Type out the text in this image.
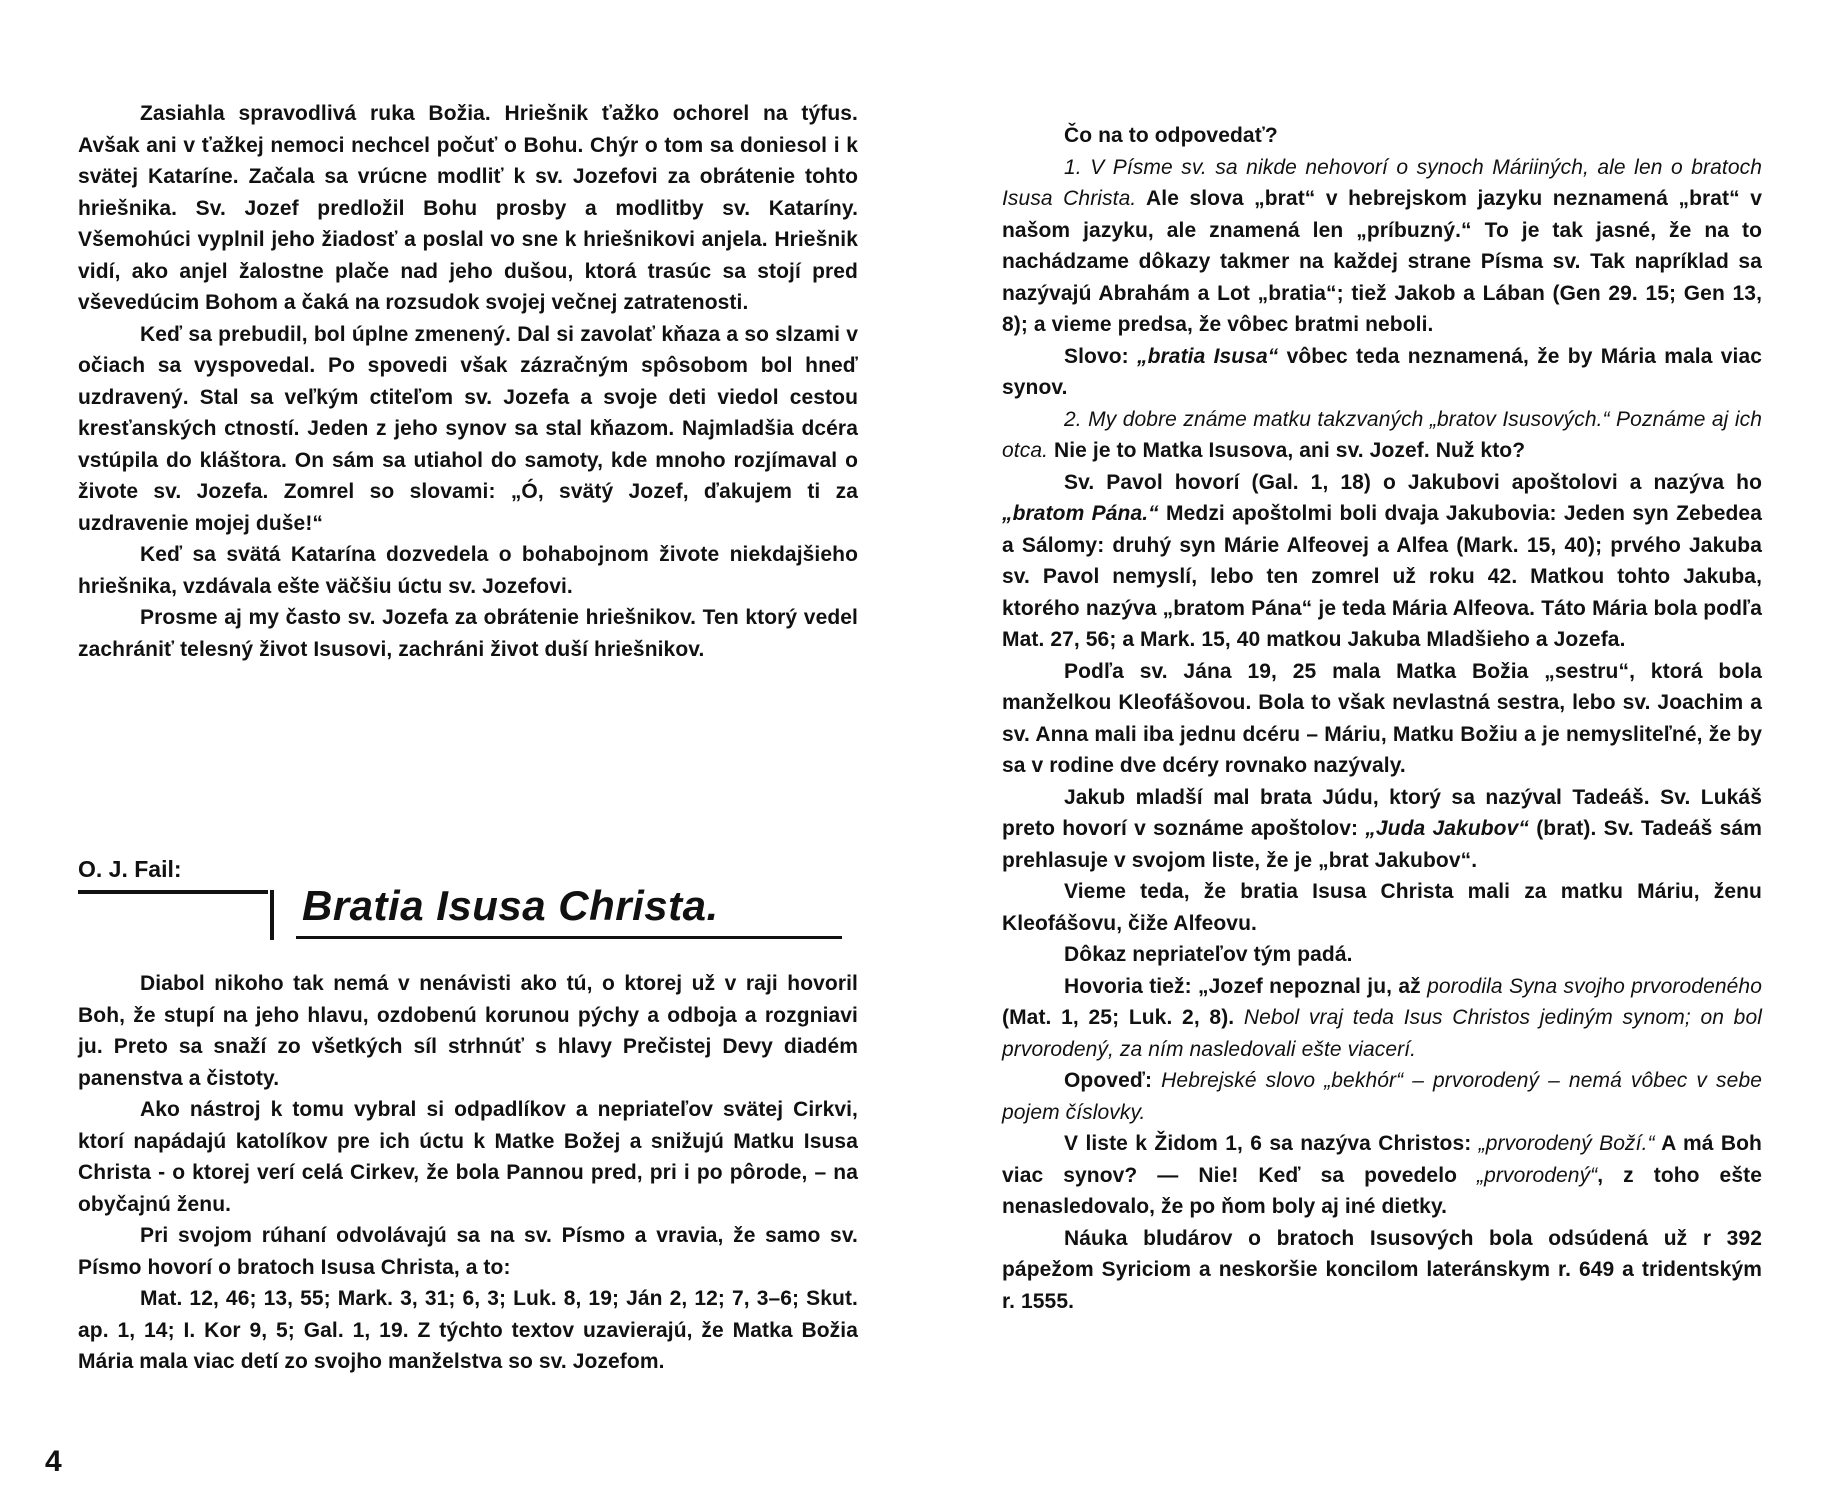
Zasiahla spravodlivá ruka Božia. Hriešnik ťažko ochorel na týfus. Avšak ani v ťažkej nemoci nechcel počuť o Bohu. Chýr o tom sa doniesol i k svätej Kataríne. Začala sa vrúcne modliť k sv. Jozefovi za obrátenie tohto hriešnika. Sv. Jozef predložil Bohu prosby a modlitby sv. Kataríny. Všemohúci vyplnil jeho žiadosť a poslal vo sne k hriešnikovi anjela. Hriešnik vidí, ako anjel žalostne plače nad jeho dušou, ktorá trasúc sa stojí pred vševedúcim Bohom a čaká na rozsudok svojej večnej zatratenosti.

Keď sa prebudil, bol úplne zmenený. Dal si zavolať kňaza a so slzami v očiach sa vyspovedal. Po spovedi však zázračným spôsobom bol hneď uzdravený. Stal sa veľkým ctiteľom sv. Jozefa a svoje deti viedol cestou kresťanských ctností. Jeden z jeho synov sa stal kňazom. Najmladšia dcéra vstúpila do kláštora. On sám sa utiahol do samoty, kde mnoho rozjímaval o živote sv. Jozefa. Zomrel so slovami: „Ó, svätý Jozef, ďakujem ti za uzdravenie mojej duše!“

Keď sa svätá Katarína dozvedela o bohabojnom živote niekdajšieho hriešnika, vzdávala ešte väčšiu úctu sv. Jozefovi.

Prosme aj my často sv. Jozefa za obrátenie hriešnikov. Ten ktorý vedel zachrániť telesný život Isusovi, zachráni život duší hriešnikov.

O. J. Fail:
Bratia Isusa Christa.

Diabol nikoho tak nemá v nenávisti ako tú, o ktorej už v raji hovoril Boh, že stupí na jeho hlavu, ozdobenú korunou pýchy a odboja a rozgniavi ju. Preto sa snaží zo všetkých síl strhnúť s hlavy Prečistej Devy diadém panenstva a čistoty.

Ako nástroj k tomu vybral si odpadlíkov a nepriateľov svätej Cirkvi, ktorí napádajú katolíkov pre ich úctu k Matke Božej a snižujú Matku Isusa Christa - o ktorej verí celá Cirkev, že bola Pannou pred, pri i po pôrode, – na obyčajnú ženu.

Pri svojom rúhaní odvolávajú sa na sv. Písmo a vravia, že samo sv. Písmo hovorí o bratoch Isusa Christa, a to:

Mat. 12, 46; 13, 55; Mark. 3, 31; 6, 3; Luk. 8, 19; Ján 2, 12; 7, 3–6; Skut. ap. 1, 14; I. Kor 9, 5; Gal. 1, 19. Z týchto textov uzavierajú, že Matka Božia Mária mala viac detí zo svojho manželstva so sv. Jozefom.

4

Čo na to odpovedať?

1. V Písme sv. sa nikde nehovorí o synoch Máriiných, ale len o bratoch Isusa Christa. Ale slova „brat“ v hebrejskom jazyku neznamená „brat“ v našom jazyku, ale znamená len „príbuzný.“ To je tak jasné, že na to nachádzame dôkazy takmer na každej strane Písma sv. Tak napríklad sa nazývajú Abrahám a Lot „bratia“; tiež Jakob a Lában (Gen 29. 15; Gen 13, 8); a vieme predsa, že vôbec bratmi neboli.

Slovo: „bratia Isusa“ vôbec teda neznamená, že by Mária mala viac synov.

2. My dobre známe matku takzvaných „bratov Isusových.“ Poznáme aj ich otca. Nie je to Matka Isusova, ani sv. Jozef. Nuž kto?

Sv. Pavol hovorí (Gal. 1, 18) o Jakubovi apoštolovi a nazýva ho „bratom Pána.“ Medzi apoštolmi boli dvaja Jakubovia: Jeden syn Zebedea a Sálomy: druhý syn Márie Alfeovej a Alfea (Mark. 15, 40); prvého Jakuba sv. Pavol nemyslí, lebo ten zomrel už roku 42. Matkou tohto Jakuba, ktorého nazýva „bratom Pána“ je teda Mária Alfeova. Táto Mária bola podľa Mat. 27, 56; a Mark. 15, 40 matkou Jakuba Mladšieho a Jozefa.

Podľa sv. Jána 19, 25 mala Matka Božia „sestru“, ktorá bola manželkou Kleofášovou. Bola to však nevlastná sestra, lebo sv. Joachim a sv. Anna mali iba jednu dcéru – Máriu, Matku Božiu a je nemysliteľné, že by sa v rodine dve dcéry rovnako nazývaly.

Jakub mladší mal brata Júdu, ktorý sa nazýval Tadeáš. Sv. Lukáš preto hovorí v soznáme apoštolov: „Juda Jakubov“ (brat). Sv. Tadeáš sám prehlasuje v svojom liste, že je „brat Jakubov“.

Vieme teda, že bratia Isusa Christa mali za matku Máriu, ženu Kleofášovu, čiže Alfeovu.

Dôkaz nepriateľov tým padá.

Hovoria tiež: „Jozef nepoznal ju, až porodila Syna svojho prvorodeného (Mat. 1, 25; Luk. 2, 8). Nebol vraj teda Isus Christos jediným synom; on bol prvorodený, za ním nasledovali ešte viacerí.

Opoveď: Hebrejské slovo „bekhór“ – prvorodený – nemá vôbec v sebe pojem číslovky.

V liste k Židom 1, 6 sa nazýva Christos: „prvorodený Boží.“ A má Boh viac synov? — Nie! Keď sa povedelo „prvorodený“, z toho ešte nenasledovalo, že po ňom boly aj iné dietky.

Náuka bludárov o bratoch Isusových bola odsúdená už r 392 pápežom Syriciom a neskoršie koncilom lateránskym r. 649 a tridentským r. 1555.
